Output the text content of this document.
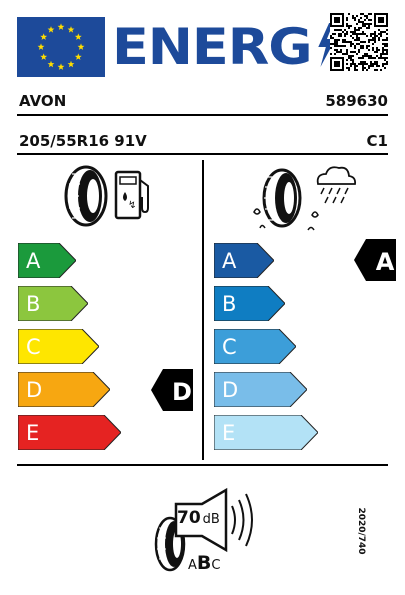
ENERG
AVON	589630
205/55R16 91V	C1
↯
A
B
C
D
E
A
B
C
D
E
D
A
70 dB
ABC
2020/740
